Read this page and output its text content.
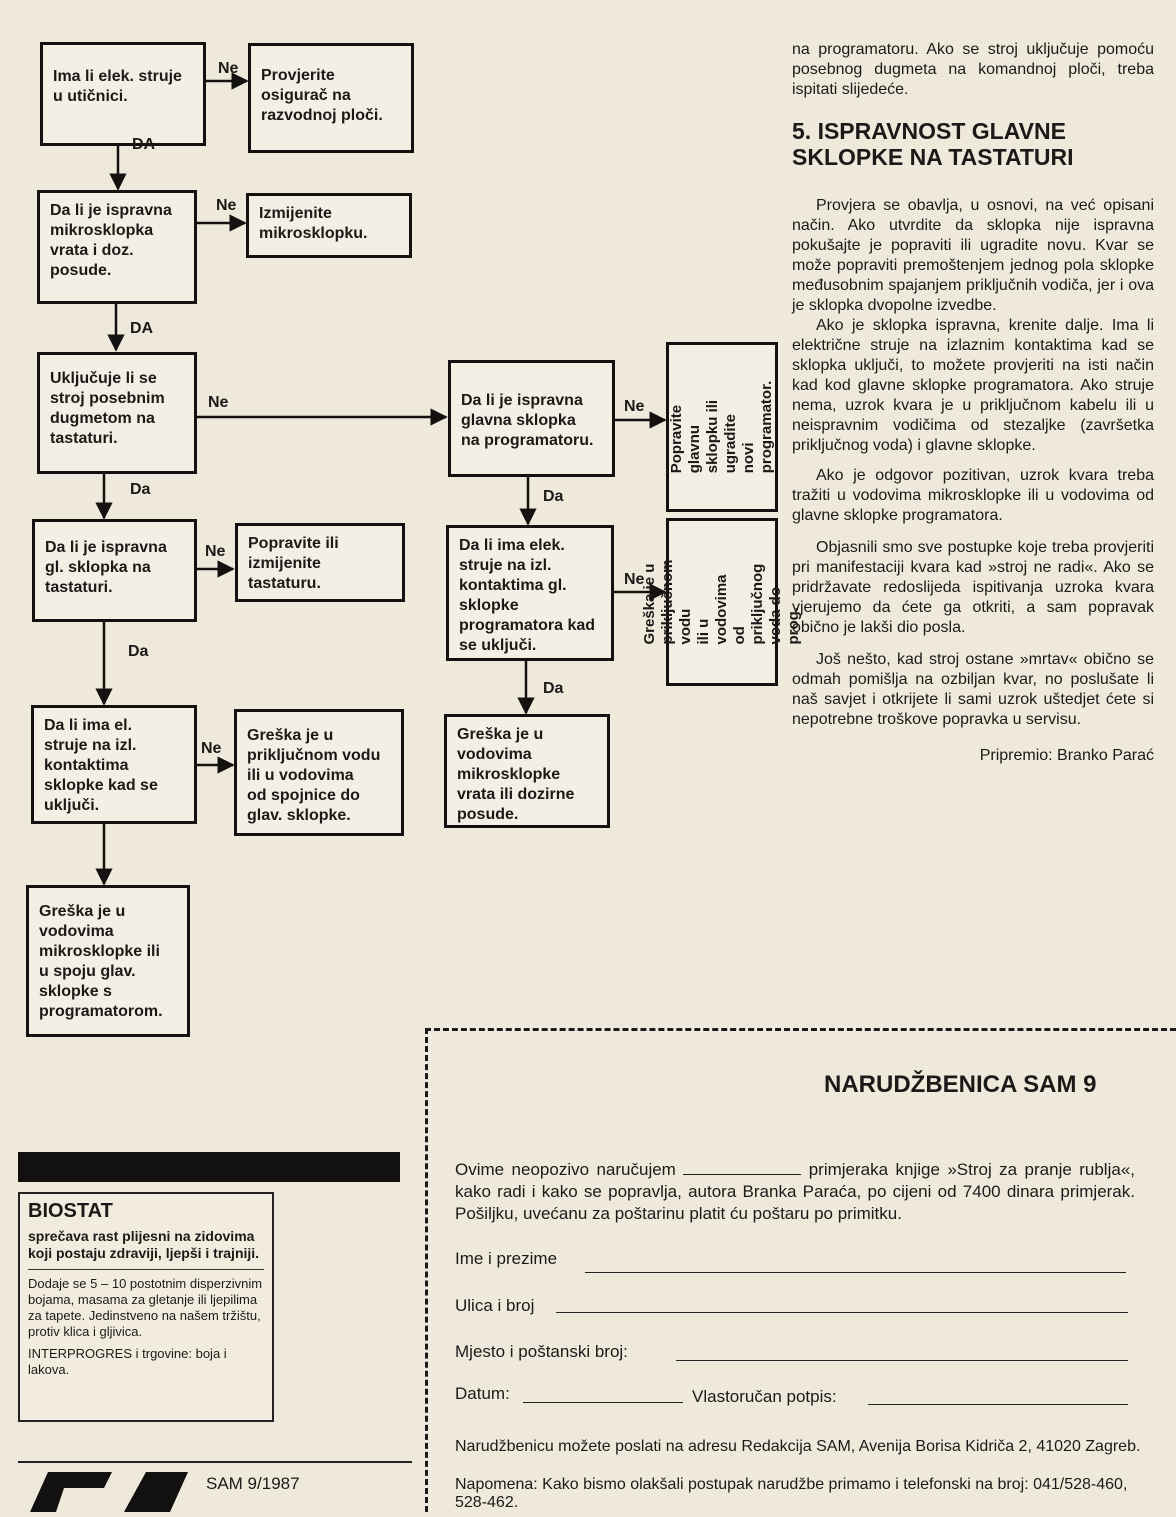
Ima li elek. struje
u utičnici.
Provjerite
osigurač na
razvodnoj ploči.
Da li je ispravna
mikrosklopka
vrata i doz.
posude.
Izmijenite
mikrosklopku.
Uključuje li se
stroj posebnim
dugmetom na
tastaturi.
Da li je ispravna
glavna sklopka
na programatoru.
Da li je ispravna
gl. sklopka na
tastaturi.
Popravite ili
izmijenite
tastaturu.
Da li ima elek.
struje na izl.
kontaktima gl.
sklopke
programatora kad
se uključi.
Da li ima el.
struje na izl.
kontaktima
sklopke kad se
uključi.
Greška je u
priključnom vodu
ili u vodovima
od spojnice do
glav. sklopke.
Greška je u
vodovima
mikrosklopke
vrata ili dozirne
posude.
Greška je u
vodovima
mikrosklopke ili
u spoju glav.
sklopke s
programatorom.
Popravite glavnu
sklopku ili
ugradite novi
programator.
Greška je u
priključnom vodu
ili u vodovima
od priključnog
voda do prog.
Ne
DA
Ne
DA
Ne
Da
Ne
Da
Ne
Ne
Da
Ne
Da

na programatoru. Ako se stroj uključuje pomoću posebnog dugmeta na komandnoj ploči, treba ispitati slijedeće.

5. ISPRAVNOST GLAVNE
SKLOPKE NA TASTATURI

Provjera se obavlja, u osnovi, na već opisani način. Ako utvrdite da sklopka nije ispravna pokušajte je popraviti ili ugradite novu. Kvar se može popraviti premoštenjem jednog pola sklopke međusobnim spajanjem priključnih vodiča, jer i ova je sklopka dvopolne izvedbe.

Ako je sklopka ispravna, krenite dalje. Ima li električne struje na izlaznim kontaktima kad se sklopka uključi, to možete provjeriti na isti način kad kod glavne sklopke programatora. Ako struje nema, uzrok kvara je u priključnom kabelu ili u neispravnim vodičima od stezaljke (završetka priključnog voda) i glavne sklopke.

Ako je odgovor pozitivan, uzrok kvara treba tražiti u vodovima mikrosklopke ili u vodovima od glavne sklopke programatora.

Objasnili smo sve postupke koje treba provjeriti pri manifestaciji kvara kad »stroj ne radi«. Ako se pridržavate redoslijeda ispitivanja uzroka kvara vjerujemo da ćete ga otkriti, a sam popravak obično je lakši dio posla.

Još nešto, kad stroj ostane »mrtav« obično se odmah pomišlja na ozbiljan kvar, no poslušate li naš savjet i otkrijete li sami uzrok uštedjet ćete si nepotrebne troškove popravka u servisu.

Pripremio: Branko Parać

BIOSTAT
sprečava rast plijesni na zidovima koji postaju zdraviji, ljepši i trajniji.
Dodaje se 5 – 10 postotnim disperzivnim bojama, masama za gletanje ili ljepilima za tapete. Jedinstveno na našem tržištu, protiv klica i gljivica.
INTERPROGRES i trgovine: boja i lakova.
NARUDŽBENICA SAM 9
Ovime neopozivo naručujem	primjeraka knjige »Stroj za pranje rublja«, kako radi i kako se popravlja, autora Branka Paraća, po cijeni od 7400 dinara primjerak. Pošiljku, uvećanu za poštarinu platit ću poštaru po primitku.
Ime i prezime
Ulica i broj
Mjesto i poštanski broj:
Datum:	Vlastoručan potpis:
Narudžbenicu možete poslati na adresu Redakcija SAM, Avenija Borisa Kidriča 2, 41020 Zagreb.
Napomena: Kako bismo olakšali postupak narudžbe primamo i telefonski na broj: 041/528-460, 528-462.
SAM 9/1987
